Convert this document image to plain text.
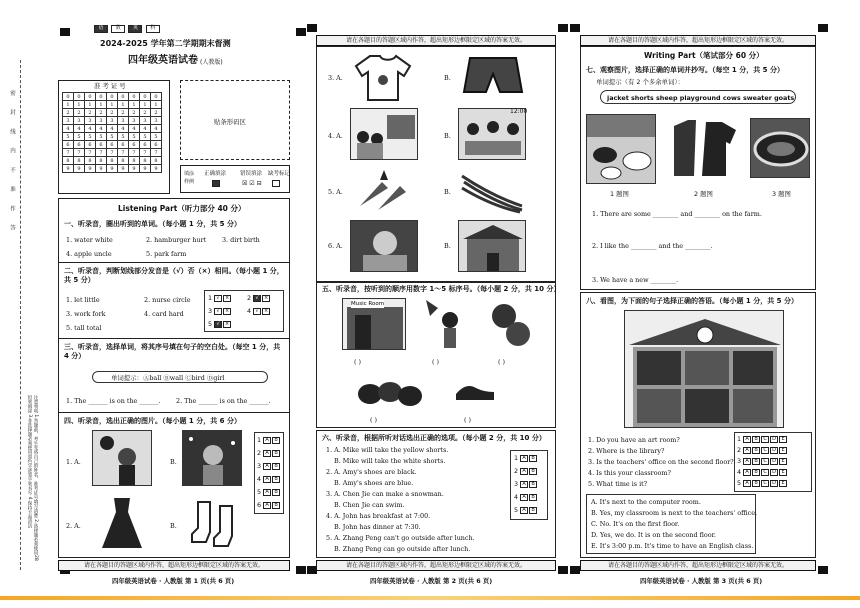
密 封 线 内 不 准 作 答
注意事项 1.答题前，考生先将自己的姓名、准考证号填写清楚 2.选择题必须使用2B铅笔填涂 3.非选择题必须使用黑色字迹签字笔书写 4.保持卡面清洁
语 数 英 科
2024-2025 学年第二学期期末督测
四年级英语试卷 (人教版)
准 考 证 号
0	0	0	0	0	0	0	0	0
1	1	1	1	1	1	1	1	1
2	2	2	2	2	2	2	2	2
3	3	3	3	3	3	3	3	3
4	4	4	4	4	4	4	4	4
5	5	5	5	5	5	5	5	5
6	6	6	6	6	6	6	6	6
7	7	7	7	7	7	7	7	7
8	8	8	8	8	8	8	8	8
9	9	9	9	9	9	9	9	9
贴条形码区
填涂样例
正确填涂	错误填涂
☒ ☑ ⊟
缺考标记
Listening Part（听力部分 40 分）
一、听录音，圈出听到的单词。（每小题 1 分，共 5 分）
1. water white	2. hamburger hurt 3. dirt birth
4. apple uncle	5. park farm
二、听录音，判断划线部分发音是（√）否（×）相同。（每小题 1 分，共 5 分）
1. let little	2. nurse circle
3. work fork	4. card hard
5. tall total
1 √ ×	2 √ ×
3 √ ×	4 √ ×
5 √ ×
三、听录音，选择单词，将其序号填在句子的空白处。（每空 1 分，共 4 分）
单词提示：Ⓐball Ⓑwall Ⓒbird Ⓓgirl
1. The ______ is on the ______. 2. The ______ is on the ______.
四、听录音，选出正确的图片。（每小题 1 分，共 6 分）
1. A.	B.
1 A B
2 A B
3 A B
4 A B
5 A B
6 A B
2. A.	B.
请在各题目的答题区域内作答，超出矩形边框限定区域的答案无效。
四年级英语试卷 · 人教版 第 1 页(共 6 页)
请在各题目的答题区域内作答，超出矩形边框限定区域的答案无效。
3. A.	B.
4. A.	B.
12:00
5. A.	B.
6. A.	B.
五、听录音，按听到的顺序用数字 1～5 标序号。（每小题 2 分，共 10 分）
Music Room
( )	( )	( )
( )	( )
六、听录音，根据所听对话选出正确的选项。（每小题 2 分，共 10 分）
1. A. Mike will take the yellow shorts.
B. Mike will take the white shorts.
2. A. Amy's shoes are black.
B. Amy's shoes are blue.
3. A. Chen Jie can make a snowman.
B. Chen Jie can swim.
4. A. John has breakfast at 7:00.
B. John has dinner at 7:30.
5. A. Zhang Peng can't go outside after lunch.
B. Zhang Peng can go outside after lunch.
1 A B
2 A B
3 A B
4 A B
5 A B
请在各题目的答题区域内作答，超出矩形边框限定区域的答案无效。
四年级英语试卷 · 人教版 第 2 页(共 6 页)
请在各题目的答题区域内作答，超出矩形边框限定区域的答案无效。
Writing Part（笔试部分 60 分）
七、观察图片，选择正确的单词并抄写。（每空 1 分，共 5 分）
单词提示（有 2 个多余单词）：
jacket shorts sheep playground cows sweater goats
1 题图	2 题图	3 题图
1. There are some ________ and ________ on the farm.
2. I like the ________ and the ________.
3. We have a new ________.
八、看图，为下面的句子选择正确的答语。（每小题 1 分，共 5 分）
1. Do you have an art room?
2. Where is the library?
3. Is the teachers' office on the second floor?
4. Is this your classroom?
5. What time is it?
1 A B C D E
2 A B C D E
3 A B C D E
4 A B C D E
5 A B C D E
A. It's next to the computer room.
B. Yes, my classroom is next to the teachers' office.
C. No. It's on the first floor.
D. Yes, we do. It is on the second floor.
E. It's 3:00 p.m. It's time to have an English class.
请在各题目的答题区域内作答，超出矩形边框限定区域的答案无效。
四年级英语试卷 · 人教版 第 3 页(共 6 页)
